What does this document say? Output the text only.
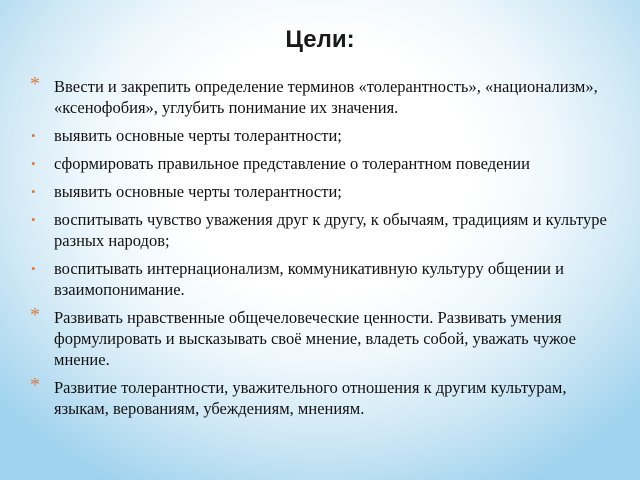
Цели:
* Ввести и закрепить определение терминов «толерантность», «национализм», «ксенофобия», углубить понимание их значения.
• выявить основные черты толерантности;
• сформировать правильное представление о толерантном поведении
• выявить основные черты толерантности;
• воспитывать чувство уважения друг к другу, к обычаям, традициям и культуре разных народов;
• воспитывать интернационализм, коммуникативную культуру общении и взаимопонимание.
* Развивать нравственные общечеловеческие ценности. Развивать умения формулировать и высказывать своё мнение, владеть собой, уважать чужое мнение.
* Развитие толерантности, уважительного отношения к другим культурам, языкам, верованиям, убеждениям, мнениям.
